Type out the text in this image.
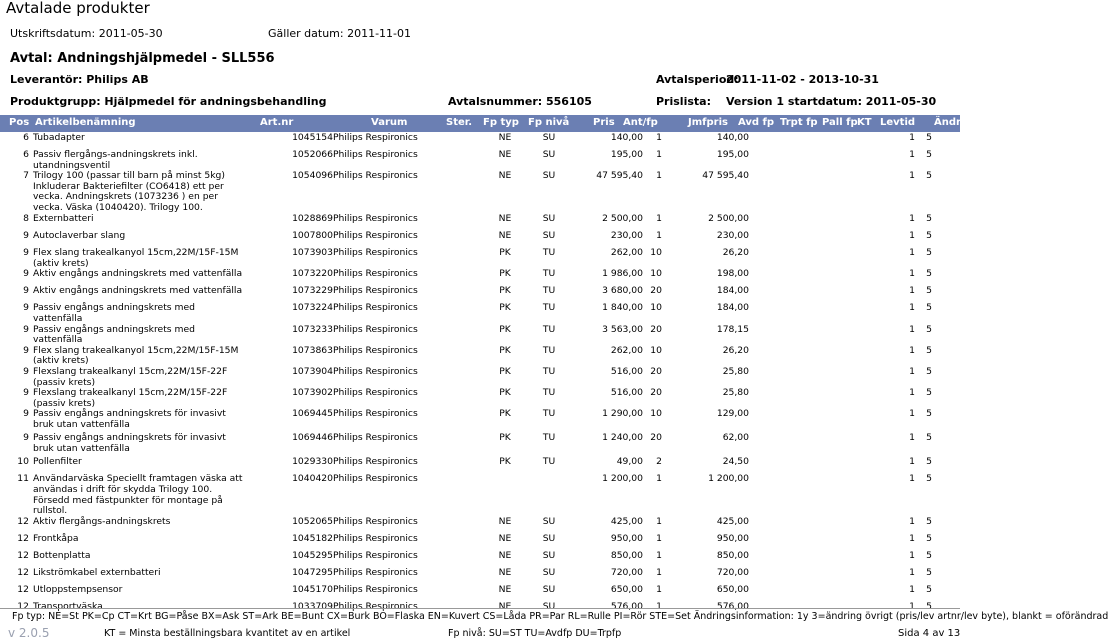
Avtalade produkter
Utskriftsdatum: 2011-05-30	Gäller datum: 2011-11-01
Avtal: Andningshjälpmedel - SLL556
Leverantör: Philips AB	Avtalsperiod:
2011-11-02 - 2013-10-31
Produktgrupp: Hjälpmedel för andningsbehandling	Avtalsnummer: 556105	Prislista: Version 1 startdatum: 2011-05-30
Pos Artikelbenämning	Art.nr	Varum	Ster. Fp typ Fp nivå Pris Ant/fp	Jmfpris Avd fp Trpt fp Pall fp KT Levtid Ändr
6	Tubadapter	1045154	Philips Respironics		NE	SU	140,00	1	140,00				1	5	
6	Passiv flergångs-andningskrets inkl. utandningsventil	1052066	Philips Respironics		NE	SU	195,00	1	195,00				1	5	
7	Trilogy 100 (passar till barn på minst 5kg) Inkluderar Bakteriefilter (CO6418) ett per vecka. Andningskrets (1073236 ) en per vecka. Väska (1040420). Trilogy 100.	1054096	Philips Respironics		NE	SU	47 595,40	1	47 595,40				1	5	
8	Externbatteri	1028869	Philips Respironics		NE	SU	2 500,00	1	2 500,00				1	5	
9	Autoclaverbar slang	1007800	Philips Respironics		NE	SU	230,00	1	230,00				1	5	
9	Flex slang trakealkanyol 15cm,22M/15F-15M (aktiv krets)	1073903	Philips Respironics		PK	TU	262,00	10	26,20				1	5	
9	Aktiv engångs andningskrets med vattenfälla	1073220	Philips Respironics		PK	TU	1 986,00	10	198,00				1	5	
9	Aktiv engångs andningskrets med vattenfälla	1073229	Philips Respironics		PK	TU	3 680,00	20	184,00				1	5	
9	Passiv engångs andningskrets med vattenfälla	1073224	Philips Respironics		PK	TU	1 840,00	10	184,00				1	5	
9	Passiv engångs andningskrets med vattenfälla	1073233	Philips Respironics		PK	TU	3 563,00	20	178,15				1	5	
9	Flex slang trakealkanyol 15cm,22M/15F-15M (aktiv krets)	1073863	Philips Respironics		PK	TU	262,00	10	26,20				1	5	
9	Flexslang trakealkanyl 15cm,22M/15F-22F (passiv krets)	1073904	Philips Respironics		PK	TU	516,00	20	25,80				1	5	
9	Flexslang trakealkanyl 15cm,22M/15F-22F (passiv krets)	1073902	Philips Respironics		PK	TU	516,00	20	25,80				1	5	
9	Passiv engångs andningskrets för invasivt bruk utan vattenfälla	1069445	Philips Respironics		PK	TU	1 290,00	10	129,00				1	5	
9	Passiv engångs andningskrets för invasivt bruk utan vattenfälla	1069446	Philips Respironics		PK	TU	1 240,00	20	62,00				1	5	
10	Pollenfilter	1029330	Philips Respironics		PK	TU	49,00	2	24,50				1	5	
11	Användarväska Speciellt framtagen väska att användas i drift för skydda Trilogy 100. Försedd med fästpunkter för montage på rullstol.	1040420	Philips Respironics				1 200,00	1	1 200,00				1	5	
12	Aktiv flergångs-andningskrets	1052065	Philips Respironics		NE	SU	425,00	1	425,00				1	5	
12	Frontkåpa	1045182	Philips Respironics		NE	SU	950,00	1	950,00				1	5	
12	Bottenplatta	1045295	Philips Respironics		NE	SU	850,00	1	850,00				1	5	
12	Likströmkabel externbatteri	1047295	Philips Respironics		NE	SU	720,00	1	720,00				1	5	
12	Utloppstempsensor	1045170	Philips Respironics		NE	SU	650,00	1	650,00				1	5	
12	Transportväska	1033709	Philips Respironics		NE	SU	576,00	1	576,00				1	5	
Fp typ: NE=St PK=Cp CT=Krt BG=Påse BX=Ask ST=Ark BE=Bunt CX=Burk BO=Flaska EN=Kuvert CS=Låda PR=Par RL=Rulle PI=Rör STE=Set Ändringsinformation: 1y 3=ändring övrigt (pris/lev artnr/lev byte), blankt = oförändrad
v 2.0.5	KT = Minsta beställningsbara kvantitet av en artikel	Fp nivå: SU=ST TU=Avdfp DU=Trpfp	Sida 4 av 13
